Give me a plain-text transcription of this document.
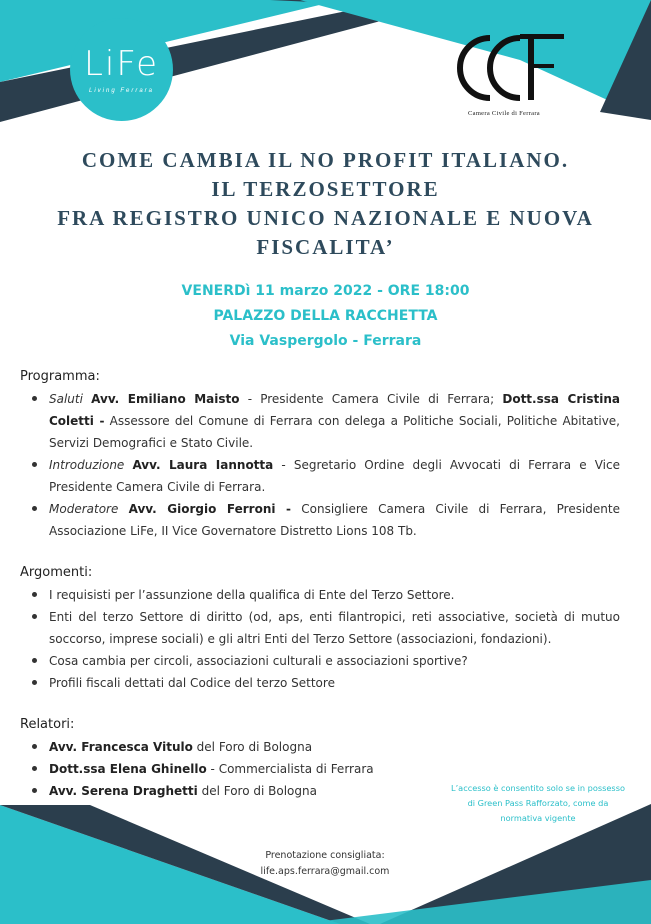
LiFe
Living Ferrara
Camera Civile di Ferrara
COME CAMBIA IL NO PROFIT ITALIANO.
IL TERZOSETTORE
FRA REGISTRO UNICO NAZIONALE E NUOVA
FISCALITA’
VENERDì 11 marzo 2022 - ORE 18:00
PALAZZO DELLA RACCHETTA
Via Vaspergolo - Ferrara
Programma:
Saluti Avv. Emiliano Maisto - Presidente Camera Civile di Ferrara; Dott.ssa Cristina Coletti - Assessore del Comune di Ferrara con delega a Politiche Sociali, Politiche Abitative, Servizi Demografici e Stato Civile.
Introduzione Avv. Laura Iannotta - Segretario Ordine degli Avvocati di Ferrara e Vice Presidente Camera Civile di Ferrara.
Moderatore Avv. Giorgio Ferroni - Consigliere Camera Civile di Ferrara, Presidente Associazione LiFe, II Vice Governatore Distretto Lions 108 Tb.
Argomenti:
I requisisti per l’assunzione della qualifica di Ente del Terzo Settore.
Enti del terzo Settore di diritto (od, aps, enti filantropici, reti associative, società di mutuo soccorso, imprese sociali) e gli altri Enti del Terzo Settore (associazioni, fondazioni).
Cosa cambia per circoli, associazioni culturali e associazioni sportive?
Profili fiscali dettati dal Codice del terzo Settore
Relatori:
Avv. Francesca Vitulo del Foro di Bologna
Dott.ssa Elena Ghinello - Commercialista di Ferrara
Avv. Serena Draghetti del Foro di Bologna	L’accesso è consentito solo se in possesso di Green Pass Rafforzato, come da normativa vigente
Prenotazione consigliata:
life.aps.ferrara@gmail.com
